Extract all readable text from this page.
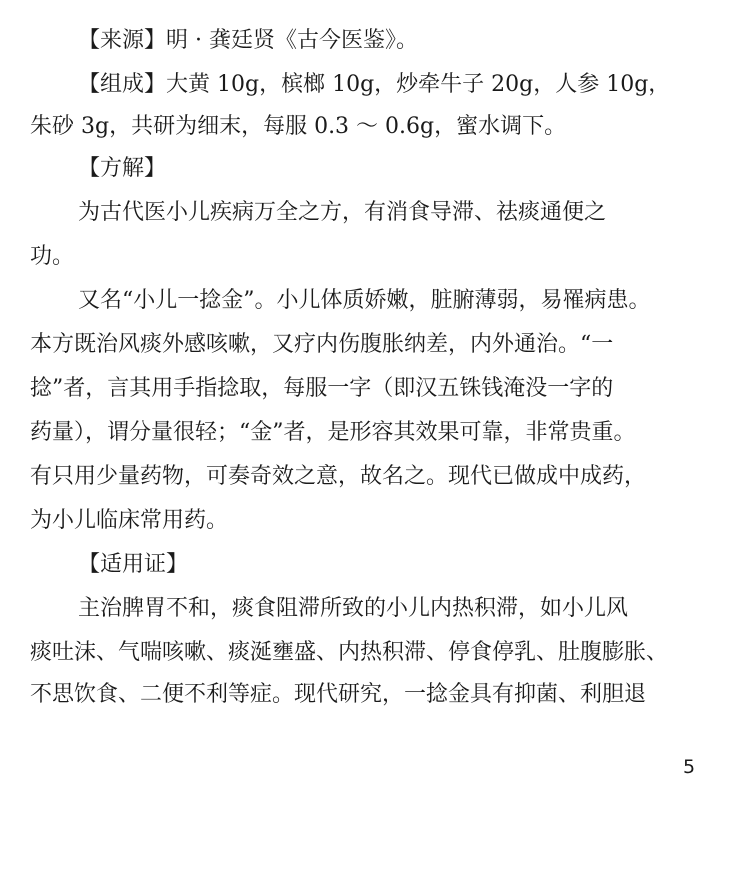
【来源】明 · 龚廷贤《古今医鉴》。
【组成】大黄 10g，槟榔 10g，炒牵牛子 20g，人参 10g，
朱砂 3g，共研为细末，每服 0.3 ～ 0.6g，蜜水调下。
【方解】
为古代医小儿疾病万全之方，有消食导滞、祛痰通便之
功。
又名“小儿一捻金”。小儿体质娇嫩，脏腑薄弱，易罹病患。
本方既治风痰外感咳嗽，又疗内伤腹胀纳差，内外通治。“一
捻”者，言其用手指捻取，每服一字（即汉五铢钱淹没一字的
药量），谓分量很轻；“金”者，是形容其效果可靠，非常贵重。
有只用少量药物，可奏奇效之意，故名之。现代已做成中成药，
为小儿临床常用药。
【适用证】
主治脾胃不和，痰食阻滞所致的小儿内热积滞，如小儿风
痰吐沫、气喘咳嗽、痰涎壅盛、内热积滞、停食停乳、肚腹膨胀、
不思饮食、二便不利等症。现代研究，一捻金具有抑菌、利胆退
5
